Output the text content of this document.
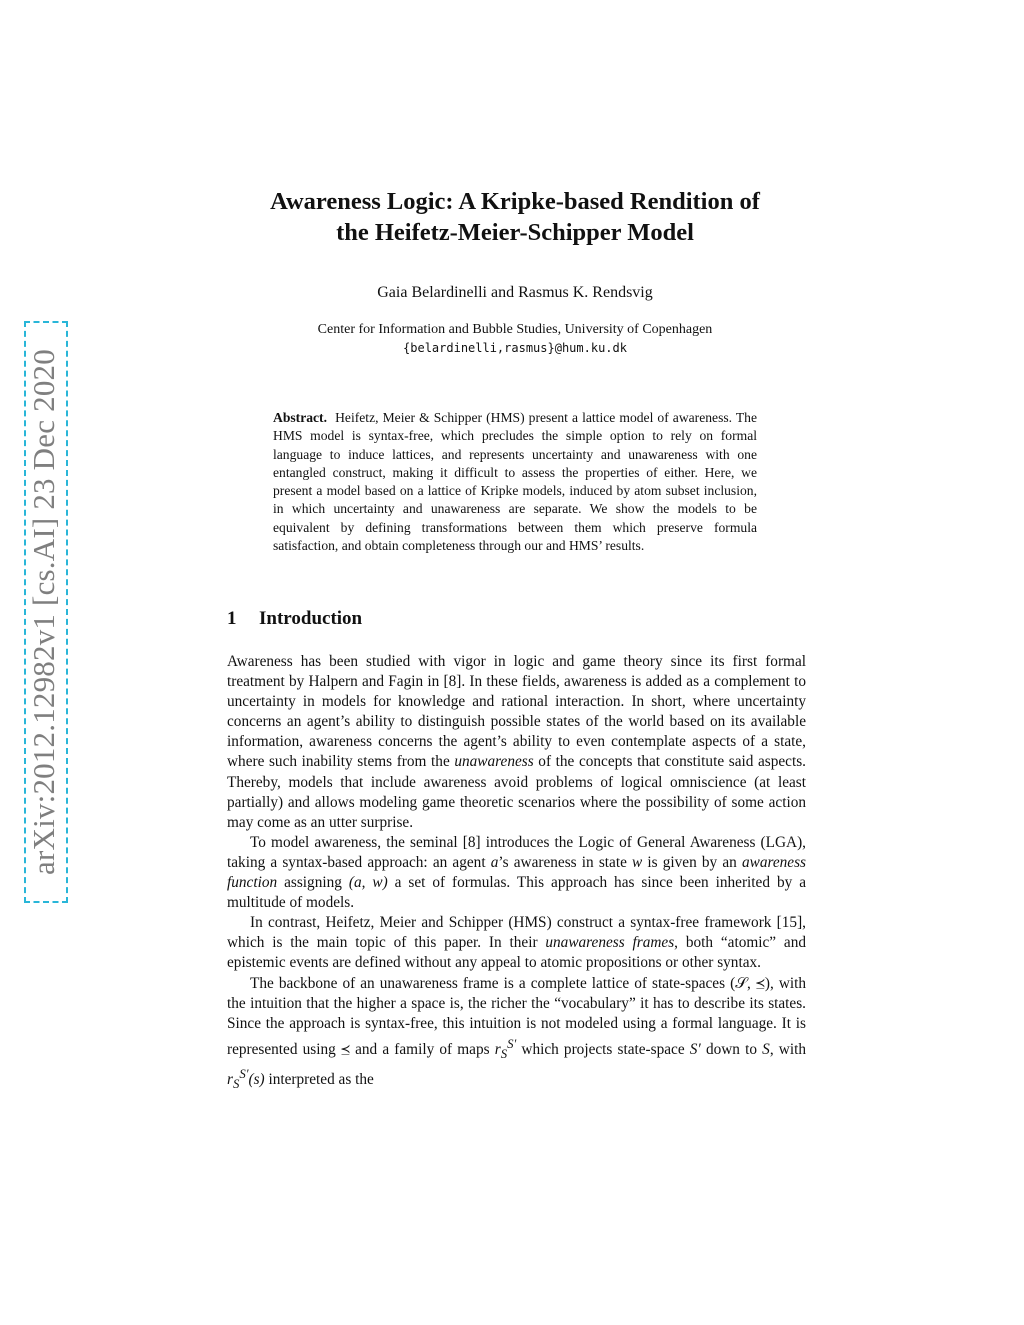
arXiv:2012.12982v1 [cs.AI] 23 Dec 2020
Awareness Logic: A Kripke-based Rendition of
the Heifetz-Meier-Schipper Model
Gaia Belardinelli and Rasmus K. Rendsvig
Center for Information and Bubble Studies, University of Copenhagen
{belardinelli,rasmus}@hum.ku.dk

Abstract. Heifetz, Meier & Schipper (HMS) present a lattice model of awareness. The HMS model is syntax-free, which precludes the simple option to rely on formal language to induce lattices, and represents uncertainty and unawareness with one entangled construct, making it difficult to assess the properties of either. Here, we present a model based on a lattice of Kripke models, induced by atom subset inclusion, in which uncertainty and unawareness are separate. We show the models to be equivalent by defining transformations between them which preserve formula satisfaction, and obtain completeness through our and HMS’ results.

1 Introduction

Awareness has been studied with vigor in logic and game theory since its first formal treatment by Halpern and Fagin in [8]. In these fields, awareness is added as a complement to uncertainty in models for knowledge and rational interaction. In short, where uncertainty concerns an agent’s ability to distinguish possible states of the world based on its available information, awareness concerns the agent’s ability to even contemplate aspects of a state, where such inability stems from the unawareness of the concepts that constitute said aspects. Thereby, models that include awareness avoid problems of logical omniscience (at least partially) and allows modeling game theoretic scenarios where the possibility of some action may come as an utter surprise.

To model awareness, the seminal [8] introduces the Logic of General Awareness (LGA), taking a syntax-based approach: an agent a’s awareness in state w is given by an awareness function assigning (a, w) a set of formulas. This approach has since been inherited by a multitude of models.

In contrast, Heifetz, Meier and Schipper (HMS) construct a syntax-free framework [15], which is the main topic of this paper. In their unawareness frames, both “atomic” and epistemic events are defined without any appeal to atomic propositions or other syntax.

The backbone of an unawareness frame is a complete lattice of state-spaces (𝒮, ⪯), with the intuition that the higher a space is, the richer the “vocabulary” it has to describe its states. Since the approach is syntax-free, this intuition is not modeled using a formal language. It is represented using ⪯ and a family of maps $r_S^{S'}$ which projects state-space S′ down to S, with $r_S^{S'}(s)$ interpreted as the
